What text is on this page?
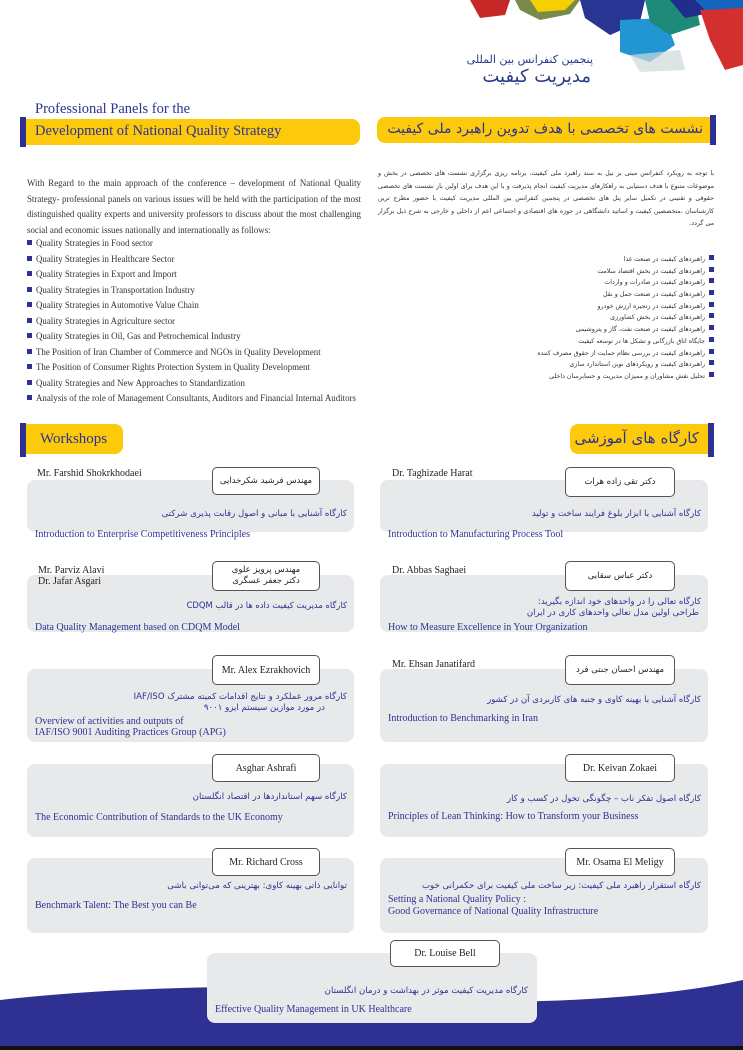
پنجمین کنفرانس بین المللی
مدیریت کیفیت
Professional Panels for the
Development of National Quality Strategy	نشست های تخصصی با هدف تدوین راهبرد ملی کیفیت
With Regard to the main approach of the conference – development of National Quality Strategy- professional panels on various issues will be held with the participation of the most distinguished quality experts and university professors to discuss about the most challenging social and economic issues nationally and internationally as follows:
Quality Strategies in Food sector
Quality Strategies in Healthcare Sector
Quality Strategies in Export and Import
Quality Strategies in Transportation Industry
Quality Strategies in Automotive Value Chain
Quality Strategies in Agriculture sector
Quality Strategies in Oil, Gas and Petrochemical Industry
The Position of Iran Chamber of Commerce and NGOs in Quality Development
The Position of Consumer Rights Protection System in Quality Development
Quality Strategies and New Approaches to Standardization
Analysis of the role of Management Consultants, Auditors and Financial Internal Auditors
با توجه به رویکرد کنفرانس مبنی بر نیل به سند راهبرد ملی کیفیت، برنامه ریزی برگزاری نشست های تخصصی در بخش و موضوعات متنوع با هدف دستیابی به راهکارهای مدیریت کیفیت انجام پذیرفت و با این هدف برای اولین بار نشست های تخصصی حقوقی و تقنینی در تکمیل سایر پنل های تخصصی در پنجمین کنفرانس بین المللی مدیریت کیفیت با حضور مطرح ترین کارشناسان ،متخصصین کیفیت و اساتید دانشگاهی در حوزه های اقتصادی و اجتماعی اعم از داخلی و خارجی به شرح ذیل برگزار می گردد.
راهبردهای کیفیت در صنعت غذا
راهبردهای کیفیت در بخش اقتصاد سلامت
راهبردهای کیفیت در صادرات و واردات
راهبردهای کیفیت در صنعت حمل و نقل
راهبردهای کیفیت در زنجیره ارزش خودرو
راهبردهای کیفیت در بخش کشاورزی
راهبردهای کیفیت در صنعت نفت، گاز و پتروشیمی
جایگاه اتاق بازرگانی و تشکل ها در توسعه کیفیت
راهبردهای کیفیت در بررسی نظام حمایت از حقوق مصرف کننده
راهبردهای کیفیت و رویکردهای نوین استاندارد سازی
تحلیل نقش مشاوران و ممیزان مدیریت و حسابرسان داخلی
Workshops	کارگاه های آموزشی
Mr. Farshid Shokrkhodaei
مهندس فرشید شکرخدایی
کارگاه آشنایی با مبانی و اصول رقابت پذیری شرکتی
Introduction to Enterprise Competitiveness Principles
Dr. Taghizade Harat
دکتر تقی زاده هرات
کارگاه آشنایی با ابزار بلوغ فرایند ساخت و تولید
Introduction to Manufacturing Process Tool
Mr. Parviz Alavi
Dr. Jafar Asgari
مهندس پرویز علوی
دکتر جعفر عسگری
کارگاه مدیریت کیفیت داده ها در قالب CDQM
Data Quality Management based on CDQM Model
Dr. Abbas Saghaei	دکتر عباس سقایی
کارگاه تعالی را در واحدهای خود اندازه بگیرید:
طراحی اولین مدل تعالی واحدهای کاری در ایران
How to Measure Excellence in Your Organization
Mr. Alex Ezrakhovich
کارگاه مرور عملکرد و نتایج اقدامات کمیته مشترک IAF/ISO
در مورد موازین سیستم ایزو ۹۰۰۱
Overview of activities and outputs of
IAF/ISO 9001 Auditing Practices Group (APG)
Mr. Ehsan Janatifard	مهندس احسان جنتی فرد
کارگاه آشنایی با بهینه کاوی و جنبه های کاربردی آن در کشور
Introduction to Benchmarking in Iran
Asghar Ashrafi
کارگاه سهم استانداردها در اقتصاد انگلستان
The Economic Contribution of Standards to the UK Economy
Dr. Keivan Zokaei
کارگاه اصول تفکر ناب – چگونگی تحول در کسب و کار
Principles of Lean Thinking: How to Transform your Business
Mr. Richard Cross
توانایی ذاتی بهینه کاوی: بهترینی که می‌توانی باشی
Benchmark Talent: The Best you can Be
Mr. Osama El Meligy
کارگاه استقرار راهبرد ملی کیفیت: زیر ساخت ملی کیفیت برای حکمرانی خوب
Setting a National Quality Policy :
Good Governance of National Quality Infrastructure
Dr. Louise Bell
کارگاه مدیریت کیفیت موثر در بهداشت و درمان انگلستان
Effective Quality Management in UK Healthcare
